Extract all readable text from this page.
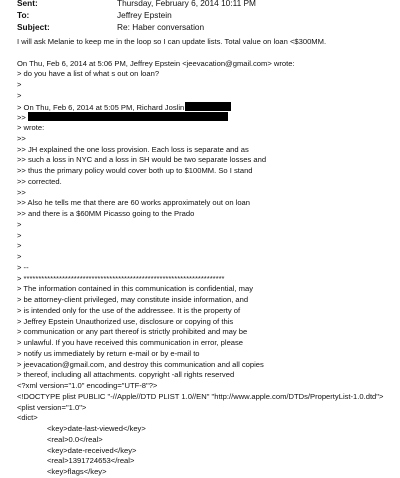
Sent:	Thursday, February 6, 2014 10:11 PM
To:	Jeffrey Epstein
Subject:	Re: Haber conversation
I will ask Melanie to keep me in the loop so I can update lists. Total value on loan <$300MM.
On Thu, Feb 6, 2014 at 5:06 PM, Jeffrey Epstein <jeevacation@gmail.com> wrote:
> do you have a list of what s out on loan?
>
>
> On Thu, Feb 6, 2014 at 5:05 PM, Richard Joslin
>>
> wrote:
>>
>> JH explained the one loss provision. Each loss is separate and as
>> such a loss in NYC and a loss in SH would be two separate losses and
>> thus the primary policy would cover both up to $100MM. So I stand
>> corrected.
>>
>> Also he tells me that there are 60 works approximately out on loan
>> and there is a $60MM Picasso going to the Prado
>
>
>
>
> --
> ********************************************************************
> The information contained in this communication is confidential, may
> be attorney-client privileged, may constitute inside information, and
> is intended only for the use of the addressee. It is the property of
> Jeffrey Epstein Unauthorized use, disclosure or copying of this
> communication or any part thereof is strictly prohibited and may be
> unlawful. If you have received this communication in error, please
> notify us immediately by return e-mail or by e-mail to
> jeevacation@gmail.com, and destroy this communication and all copies
> thereof, including all attachments. copyright -all rights reserved
<?xml version="1.0" encoding="UTF-8"?>
<!DOCTYPE plist PUBLIC "-//Apple//DTD PLIST 1.0//EN" "http://www.apple.com/DTDs/PropertyList-1.0.dtd">
<plist version="1.0">
<dict>
<key>date-last-viewed</key>
<real>0.0</real>
<key>date-received</key>
<real>1391724653</real>
<key>flags</key>
